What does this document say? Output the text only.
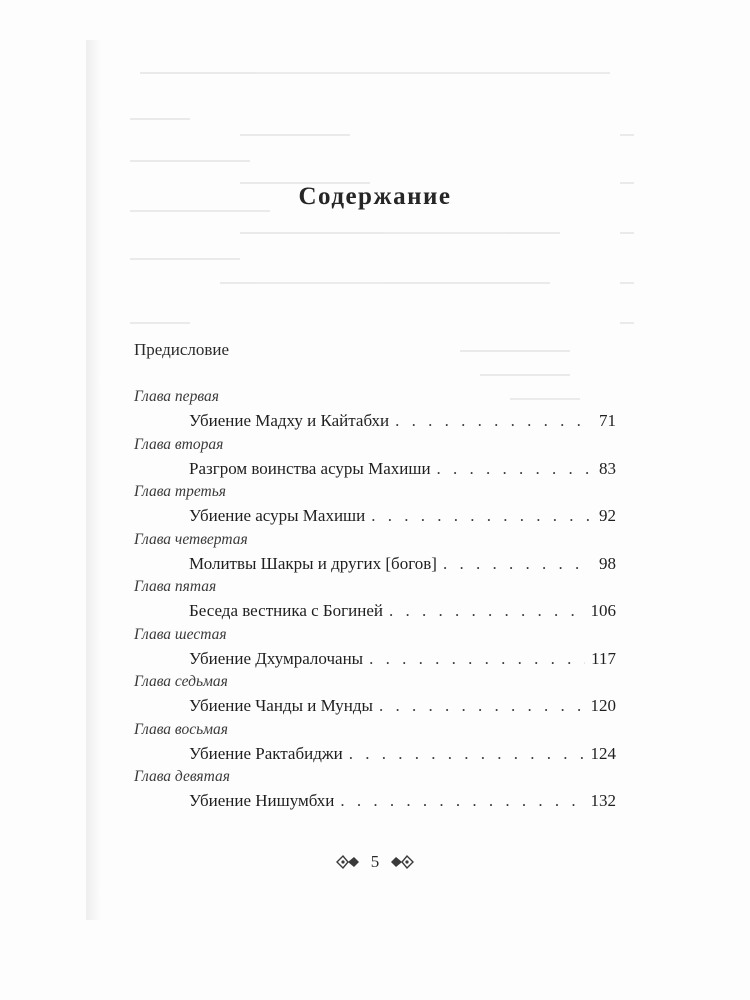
Содержание
Предисловие
Глава первая
Убиение Мадху и Кайтабхи . . .	71
Глава вторая
Разгром воинства асуры Махиши . . .	83
Глава третья
Убиение асуры Махиши . . .	92
Глава четвертая
Молитвы Шакры и других [богов] . . .	98
Глава пятая
Беседа вестника с Богиней . . .	106
Глава шестая
Убиение Дхумралочаны . . .	117
Глава седьмая
Убиение Чанды и Мунды . . .	120
Глава восьмая
Убиение Рактабиджи . . .	124
Глава девятая
Убиение Нишумбхи . . .	132
5
